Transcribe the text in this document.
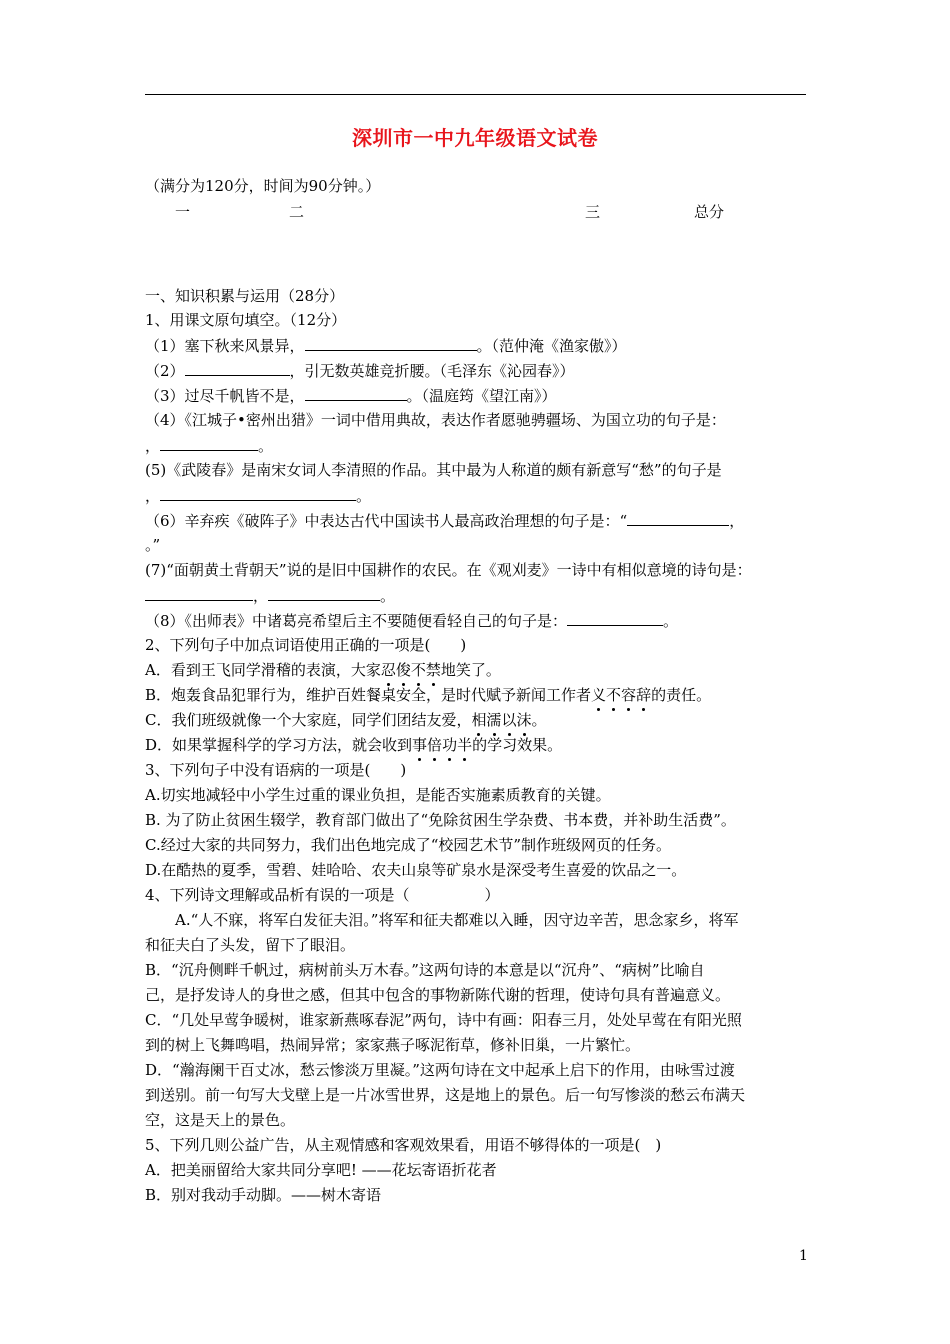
深圳市一中九年级语文试卷
（满分为120分，时间为90分钟。）
一	二	三	总分
一、知识积累与运用（28分）
1、用课文原句填空。（12分）
（1）塞下秋来风景异，	。（范仲淹《渔家傲》）
（2）	，引无数英雄竞折腰。（毛泽东《沁园春》）
（3）过尽千帆皆不是，	。（温庭筠《望江南》）
（4）《江城子•密州出猎》一词中借用典故，表达作者愿驰骋疆场、为国立功的句子是：
，	。
(5)《武陵春》是南宋女词人李清照的作品。其中最为人称道的颇有新意写“愁”的句子是
，	。
（6）辛弃疾《破阵子》中表达古代中国读书人最高政治理想的句子是：“	，
。”
(7)“面朝黄土背朝天”说的是旧中国耕作的农民。在《观刈麦》一诗中有相似意境的诗句是：
，	。
（8）《出师表》中诸葛亮希望后主不要随便看轻自己的句子是：	。
2、下列句子中加点词语使用正确的一项是(　　)
A．看到王飞同学滑稽的表演，大家忍俊不禁地笑了。
B．炮轰食品犯罪行为，维护百姓餐桌安全，是时代赋予新闻工作者义不容辞的责任。
C．我们班级就像一个大家庭，同学们团结友爱，相濡以沫。
D．如果掌握科学的学习方法，就会收到事倍功半的学习效果。
3、下列句子中没有语病的一项是(　　)
A.切实地减轻中小学生过重的课业负担，是能否实施素质教育的关键。
B. 为了防止贫困生辍学，教育部门做出了“免除贫困生学杂费、书本费，并补助生活费”。
C.经过大家的共同努力，我们出色地完成了“校园艺术节”制作班级网页的任务。
D.在酷热的夏季，雪碧、娃哈哈、农夫山泉等矿泉水是深受考生喜爱的饮品之一。
4、下列诗文理解或品析有误的一项是（　　　　　）
A.“人不寐，将军白发征夫泪。”将军和征夫都难以入睡，因守边辛苦，思念家乡，将军
和征夫白了头发，留下了眼泪。
B．“沉舟侧畔千帆过，病树前头万木春。”这两句诗的本意是以“沉舟”、“病树”比喻自
己，是抒发诗人的身世之感，但其中包含的事物新陈代谢的哲理，使诗句具有普遍意义。
C．“几处早莺争暖树，谁家新燕啄春泥”两句，诗中有画：阳春三月，处处早莺在有阳光照
到的树上飞舞鸣唱，热闹异常；家家燕子啄泥衔草，修补旧巢，一片繁忙。
D．“瀚海阑干百丈冰，愁云惨淡万里凝。”这两句诗在文中起承上启下的作用，由咏雪过渡
到送别。前一句写大戈壁上是一片冰雪世界，这是地上的景色。后一句写惨淡的愁云布满天
空，这是天上的景色。
5、下列几则公益广告，从主观情感和客观效果看，用语不够得体的一项是(　)
A．把美丽留给大家共同分享吧! ——花坛寄语折花者
B．别对我动手动脚。——树木寄语
1
